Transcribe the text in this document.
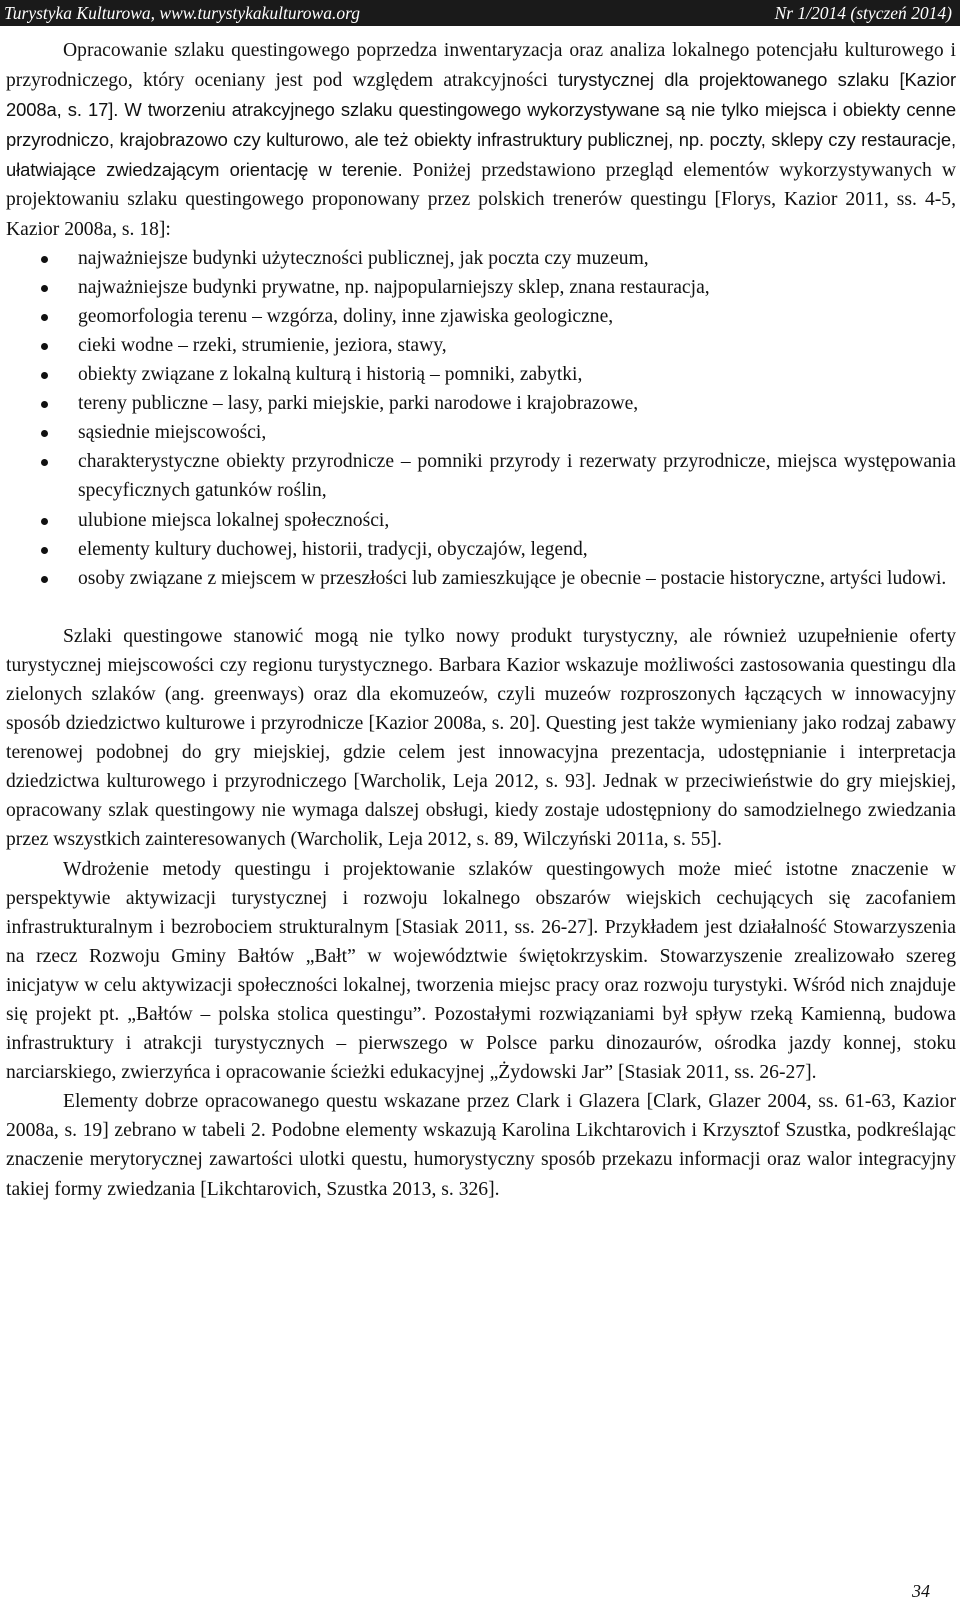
Turystyka Kulturowa, www.turystykakulturowa.org	Nr 1/2014 (styczeń 2014)

Opracowanie szlaku questingowego poprzedza inwentaryzacja oraz analiza lokalnego potencjału kulturowego i przyrodniczego, który oceniany jest pod względem atrakcyjności turystycznej dla projektowanego szlaku [Kazior 2008a, s. 17]. W tworzeniu atrakcyjnego szlaku questingowego wykorzystywane są nie tylko miejsca i obiekty cenne przyrodniczo, krajobrazowo czy kulturowo, ale też obiekty infrastruktury publicznej, np. poczty, sklepy czy restauracje, ułatwiające zwiedzającym orientację w terenie. Poniżej przedstawiono przegląd elementów wykorzystywanych w projektowaniu szlaku questingowego proponowany przez polskich trenerów questingu [Florys, Kazior 2011, ss. 4-5, Kazior 2008a, s. 18]:

najważniejsze budynki użyteczności publicznej, jak poczta czy muzeum,
najważniejsze budynki prywatne, np. najpopularniejszy sklep, znana restauracja,
geomorfologia terenu – wzgórza, doliny, inne zjawiska geologiczne,
cieki wodne – rzeki, strumienie, jeziora, stawy,
obiekty związane z lokalną kulturą i historią – pomniki, zabytki,
tereny publiczne – lasy, parki miejskie, parki narodowe i krajobrazowe,
sąsiednie miejscowości,
charakterystyczne obiekty przyrodnicze – pomniki przyrody i rezerwaty przyrodnicze, miejsca występowania specyficznych gatunków roślin,
ulubione miejsca lokalnej społeczności,
elementy kultury duchowej, historii, tradycji, obyczajów, legend,
osoby związane z miejscem w przeszłości lub zamieszkujące je obecnie – postacie historyczne, artyści ludowi.

Szlaki questingowe stanowić mogą nie tylko nowy produkt turystyczny, ale również uzupełnienie oferty turystycznej miejscowości czy regionu turystycznego. Barbara Kazior wskazuje możliwości zastosowania questingu dla zielonych szlaków (ang. greenways) oraz dla ekomuzeów, czyli muzeów rozproszonych łączących w innowacyjny sposób dziedzictwo kulturowe i przyrodnicze [Kazior 2008a, s. 20]. Questing jest także wymieniany jako rodzaj zabawy terenowej podobnej do gry miejskiej, gdzie celem jest innowacyjna prezentacja, udostępnianie i interpretacja dziedzictwa kulturowego i przyrodniczego [Warcholik, Leja 2012, s. 93]. Jednak w przeciwieństwie do gry miejskiej, opracowany szlak questingowy nie wymaga dalszej obsługi, kiedy zostaje udostępniony do samodzielnego zwiedzania przez wszystkich zainteresowanych (Warcholik, Leja 2012, s. 89, Wilczyński 2011a, s. 55].

Wdrożenie metody questingu i projektowanie szlaków questingowych może mieć istotne znaczenie w perspektywie aktywizacji turystycznej i rozwoju lokalnego obszarów wiejskich cechujących się zacofaniem infrastrukturalnym i bezrobociem strukturalnym [Stasiak 2011, ss. 26-27]. Przykładem jest działalność Stowarzyszenia na rzecz Rozwoju Gminy Bałtów „Bałt” w województwie świętokrzyskim. Stowarzyszenie zrealizowało szereg inicjatyw w celu aktywizacji społeczności lokalnej, tworzenia miejsc pracy oraz rozwoju turystyki. Wśród nich znajduje się projekt pt. „Bałtów – polska stolica questingu”. Pozostałymi rozwiązaniami był spływ rzeką Kamienną, budowa infrastruktury i atrakcji turystycznych – pierwszego w Polsce parku dinozaurów, ośrodka jazdy konnej, stoku narciarskiego, zwierzyńca i opracowanie ścieżki edukacyjnej „Żydowski Jar” [Stasiak 2011, ss. 26-27].

Elementy dobrze opracowanego questu wskazane przez Clark i Glazera [Clark, Glazer 2004, ss. 61-63, Kazior 2008a, s. 19] zebrano w tabeli 2. Podobne elementy wskazują Karolina Likchtarovich i Krzysztof Szustka, podkreślając znaczenie merytorycznej zawartości ulotki questu, humorystyczny sposób przekazu informacji oraz walor integracyjny takiej formy zwiedzania [Likchtarovich, Szustka 2013, s. 326].

34
